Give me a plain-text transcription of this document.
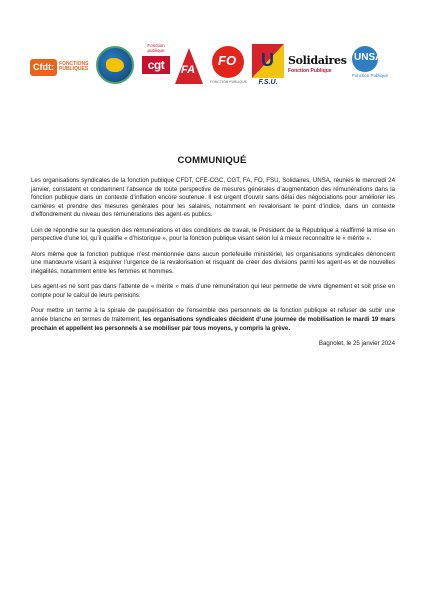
Cfdt:	FONCTIONS PUBLIQUES
Fonction publique
cgt	FA
FO
FONCTION PUBLIQUE
U
F.S.U.
Solidaires
Fonction Publique
UNSA
Fonction Publique
COMMUNIQUÉ

Les organisations syndicales de la fonction publique CFDT, CFE-CGC, CGT, FA, FO, FSU, Solidaires, UNSA, réunies le mercredi 24 janvier, constatent et condamnent l’absence de toute perspective de mesures générales d’augmentation des rémunérations dans la fonction publique dans un contexte d’inflation encore soutenue. Il est urgent d’ouvrir sans délai des négociations pour améliorer les carrières et prendre des mesures générales pour les salaires, notamment en revalorisant le point d’indice, dans un contexte d’effondrement du niveau des rémunérations des agent·es publics.

Loin de répondre sur la question des rémunérations et des conditions de travail, le Président de la République a réaffirmé la mise en perspective d’une loi, qu’il qualifie « d’historique », pour la fonction publique visant selon lui à mieux reconnaître le « mérite ».

Alors même que la fonction publique n’est mentionnée dans aucun portefeuille ministériel, les organisations syndicales dénoncent une manœuvre visant à esquiver l’urgence de la revalorisation et risquant de créer des divisions parmi les agent·es et de nouvelles inégalités, notamment entre les femmes et hommes.

Les agent·es ne sont pas dans l’attente de « mérite » mais d’une rémunération qui leur permette de vivre dignement et soit prise en compte pour le calcul de leurs pensions.

Pour mettre un terme à la spirale de paupérisation de l’ensemble des personnels de la fonction publique et refuser de subir une année blanche en termes de traitement, les organisations syndicales décident d’une journée de mobilisation le mardi 19 mars prochain et appellent les personnels à se mobiliser par tous moyens, y compris la grève.

Bagnolet, le 25 janvier 2024
